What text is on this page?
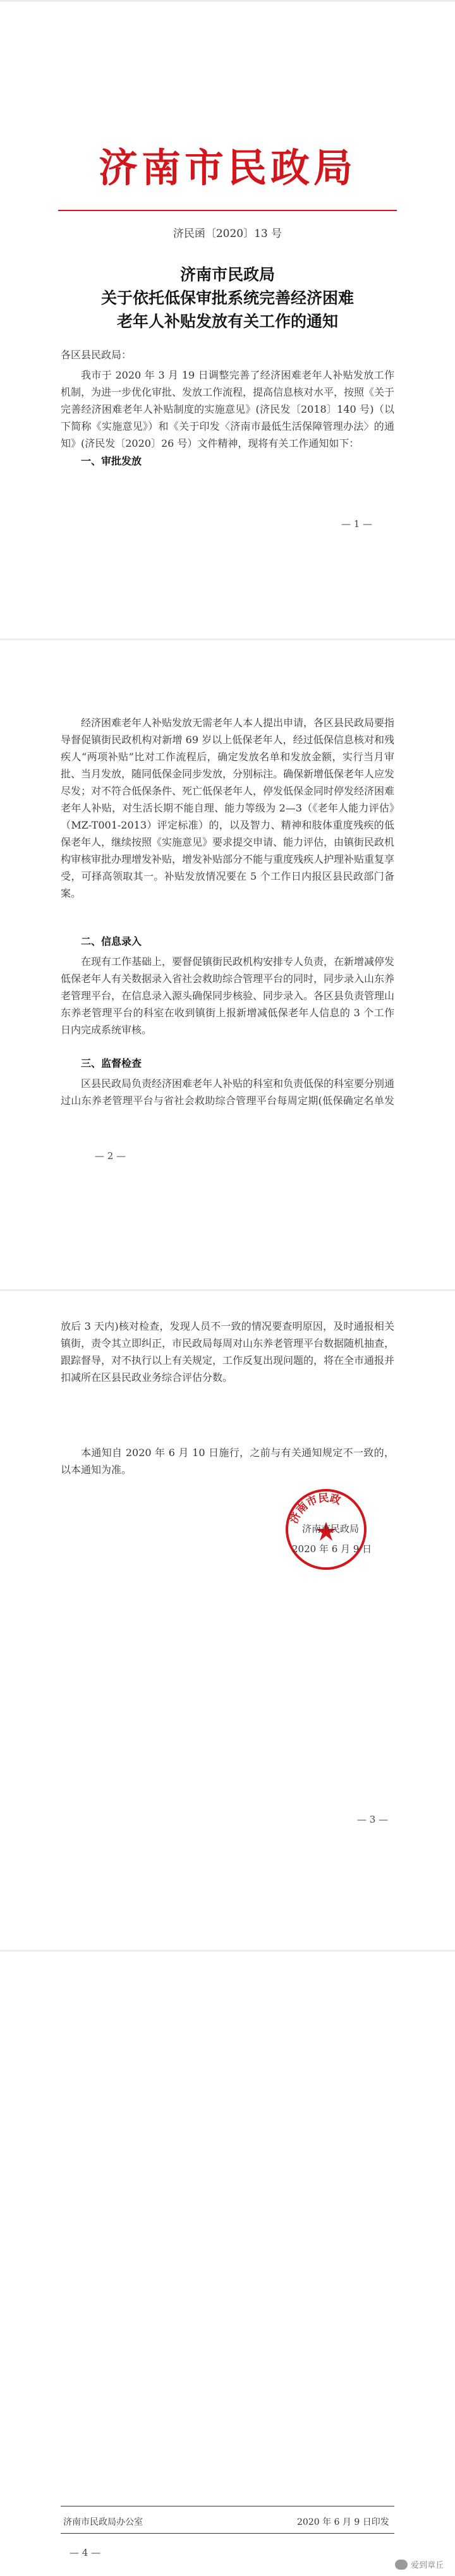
济南市民政局
济民函〔2020〕13 号
济南市民政局
关于依托低保审批系统完善经济困难
老年人补贴发放有关工作的通知
各区县民政局：
我市于 2020 年 3 月 19 日调整完善了经济困难老年人补贴发放工作机制，为进一步优化审批、发放工作流程，提高信息核对水平，按照《关于完善经济困难老年人补贴制度的实施意见》(济民发〔2018〕140 号)（以下简称《实施意见》）和《关于印发〈济南市最低生活保障管理办法〉的通知》(济民发〔2020〕26 号）文件精神，现将有关工作通知如下：
一、审批发放
— 1 —
经济困难老年人补贴发放无需老年人本人提出申请，各区县民政局要指导督促镇街民政机构对新增 69 岁以上低保老年人，经过低保信息核对和残疾人“两项补贴”比对工作流程后，确定发放名单和发放金额，实行当月审批、当月发放，随同低保金同步发放，分别标注。确保新增低保老年人应发尽发；对不符合低保条件、死亡低保老年人，停发低保金同时停发经济困难老年人补贴，对生活长期不能自理、能力等级为 2—3（《老年人能力评估》（MZ-T001-2013）评定标准）的，以及智力、精神和肢体重度残疾的低保老年人，继续按照《实施意见》要求提交申请、能力评估，由镇街民政机构审核审批办理增发补贴，增发补贴部分不能与重度残疾人护理补贴重复享受，可择高领取其一。补贴发放情况要在 5 个工作日内报区县民政部门备案。
二、信息录入
在现有工作基础上，要督促镇街民政机构安排专人负责，在新增减停发低保老年人有关数据录入省社会救助综合管理平台的同时，同步录入山东养老管理平台，在信息录入源头确保同步核验、同步录入。各区县负责管理山东养老管理平台的科室在收到镇街上报新增减低保老年人信息的 3 个工作日内完成系统审核。
三、监督检查
区县民政局负责经济困难老年人补贴的科室和负责低保的科室要分别通过山东养老管理平台与省社会救助综合管理平台每周定期(低保确定名单发
— 2 —
放后 3 天内)核对检查，发现人员不一致的情况要查明原因，及时通报相关镇街，责令其立即纠正，市民政局每周对山东养老管理平台数据随机抽查，跟踪督导，对不执行以上有关规定，工作反复出现问题的，将在全市通报并扣减所在区县民政业务综合评估分数。
本通知自 2020 年 6 月 10 日施行，之前与有关通知规定不一致的，以本通知为准。
济南市民政
济南市民政局
2020 年 6 月 9 日
— 3 —
济南市民政局办公室	2020 年 6 月 9 日印发
— 4 —
爱到章丘
